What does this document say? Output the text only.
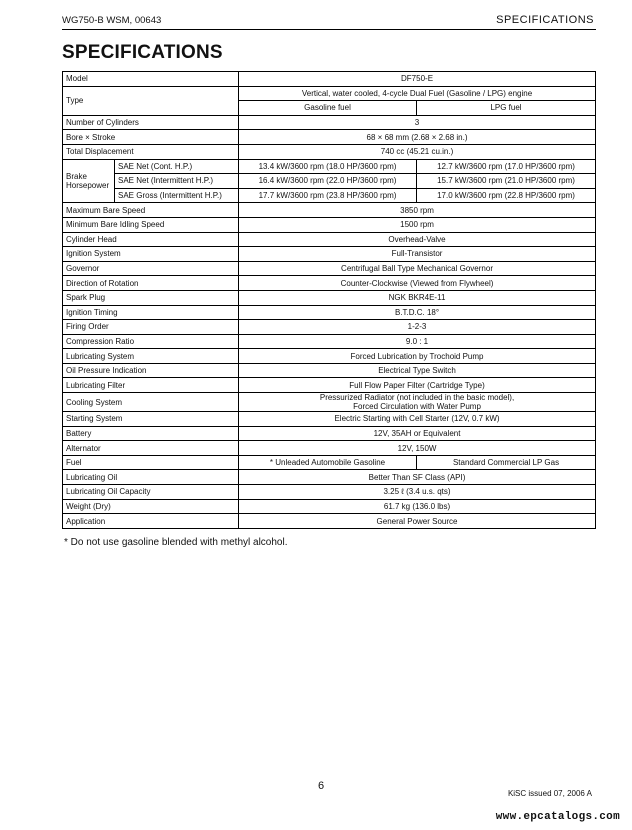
WG750-B WSM, 00643	SPECIFICATIONS
SPECIFICATIONS
Model		DF750-E	
Type		Vertical, water cooled, 4-cycle Dual Fuel (Gasoline / LPG) engine	
		Gasoline fuel	LPG fuel
Number of Cylinders		3	
Bore × Stroke		68 × 68 mm (2.68 × 2.68 in.)	
Total Displacement		740 cc (45.21 cu.in.)	
Brake Horsepower	SAE Net (Cont. H.P.)	13.4 kW/3600 rpm (18.0 HP/3600 rpm)	12.7 kW/3600 rpm (17.0 HP/3600 rpm)
	SAE Net (Intermittent H.P.)	16.4 kW/3600 rpm (22.0 HP/3600 rpm)	15.7 kW/3600 rpm (21.0 HP/3600 rpm)
	SAE Gross (Intermittent H.P.)	17.7 kW/3600 rpm (23.8 HP/3600 rpm)	17.0 kW/3600 rpm (22.8 HP/3600 rpm)
Maximum Bare Speed		3850 rpm	
Minimum Bare Idling Speed		1500 rpm	
Cylinder Head		Overhead-Valve	
Ignition System		Full-Transistor	
Governor		Centrifugal Ball Type Mechanical Governor	
Direction of Rotation		Counter-Clockwise (Viewed from Flywheel)	
Spark Plug		NGK BKR4E-11	
Ignition Timing		B.T.D.C. 18°	
Firing Order		1-2-3	
Compression Ratio		9.0 : 1	
Lubricating System		Forced Lubrication by Trochoid Pump	
Oil Pressure Indication		Electrical Type Switch	
Lubricating Filter		Full Flow Paper Filter (Cartridge Type)	
Cooling System		Pressurized Radiator (not included in the basic model),
Forced Circulation with Water Pump	

Starting System		Electric Starting with Cell Starter (12V, 0.7 kW)	
Battery		12V, 35AH or Equivalent	
Alternator		12V, 150W	
Fuel		* Unleaded Automobile Gasoline	Standard Commercial LP Gas
Lubricating Oil		Better Than SF Class (API)	
Lubricating Oil Capacity		3.25 ℓ (3.4 u.s. qts)	
Weight (Dry)		61.7 kg (136.0 lbs)	
Application		General Power Source	
* Do not use gasoline blended with methyl alcohol.
6
KiSC issued 07, 2006 A
www.epcatalogs.com
